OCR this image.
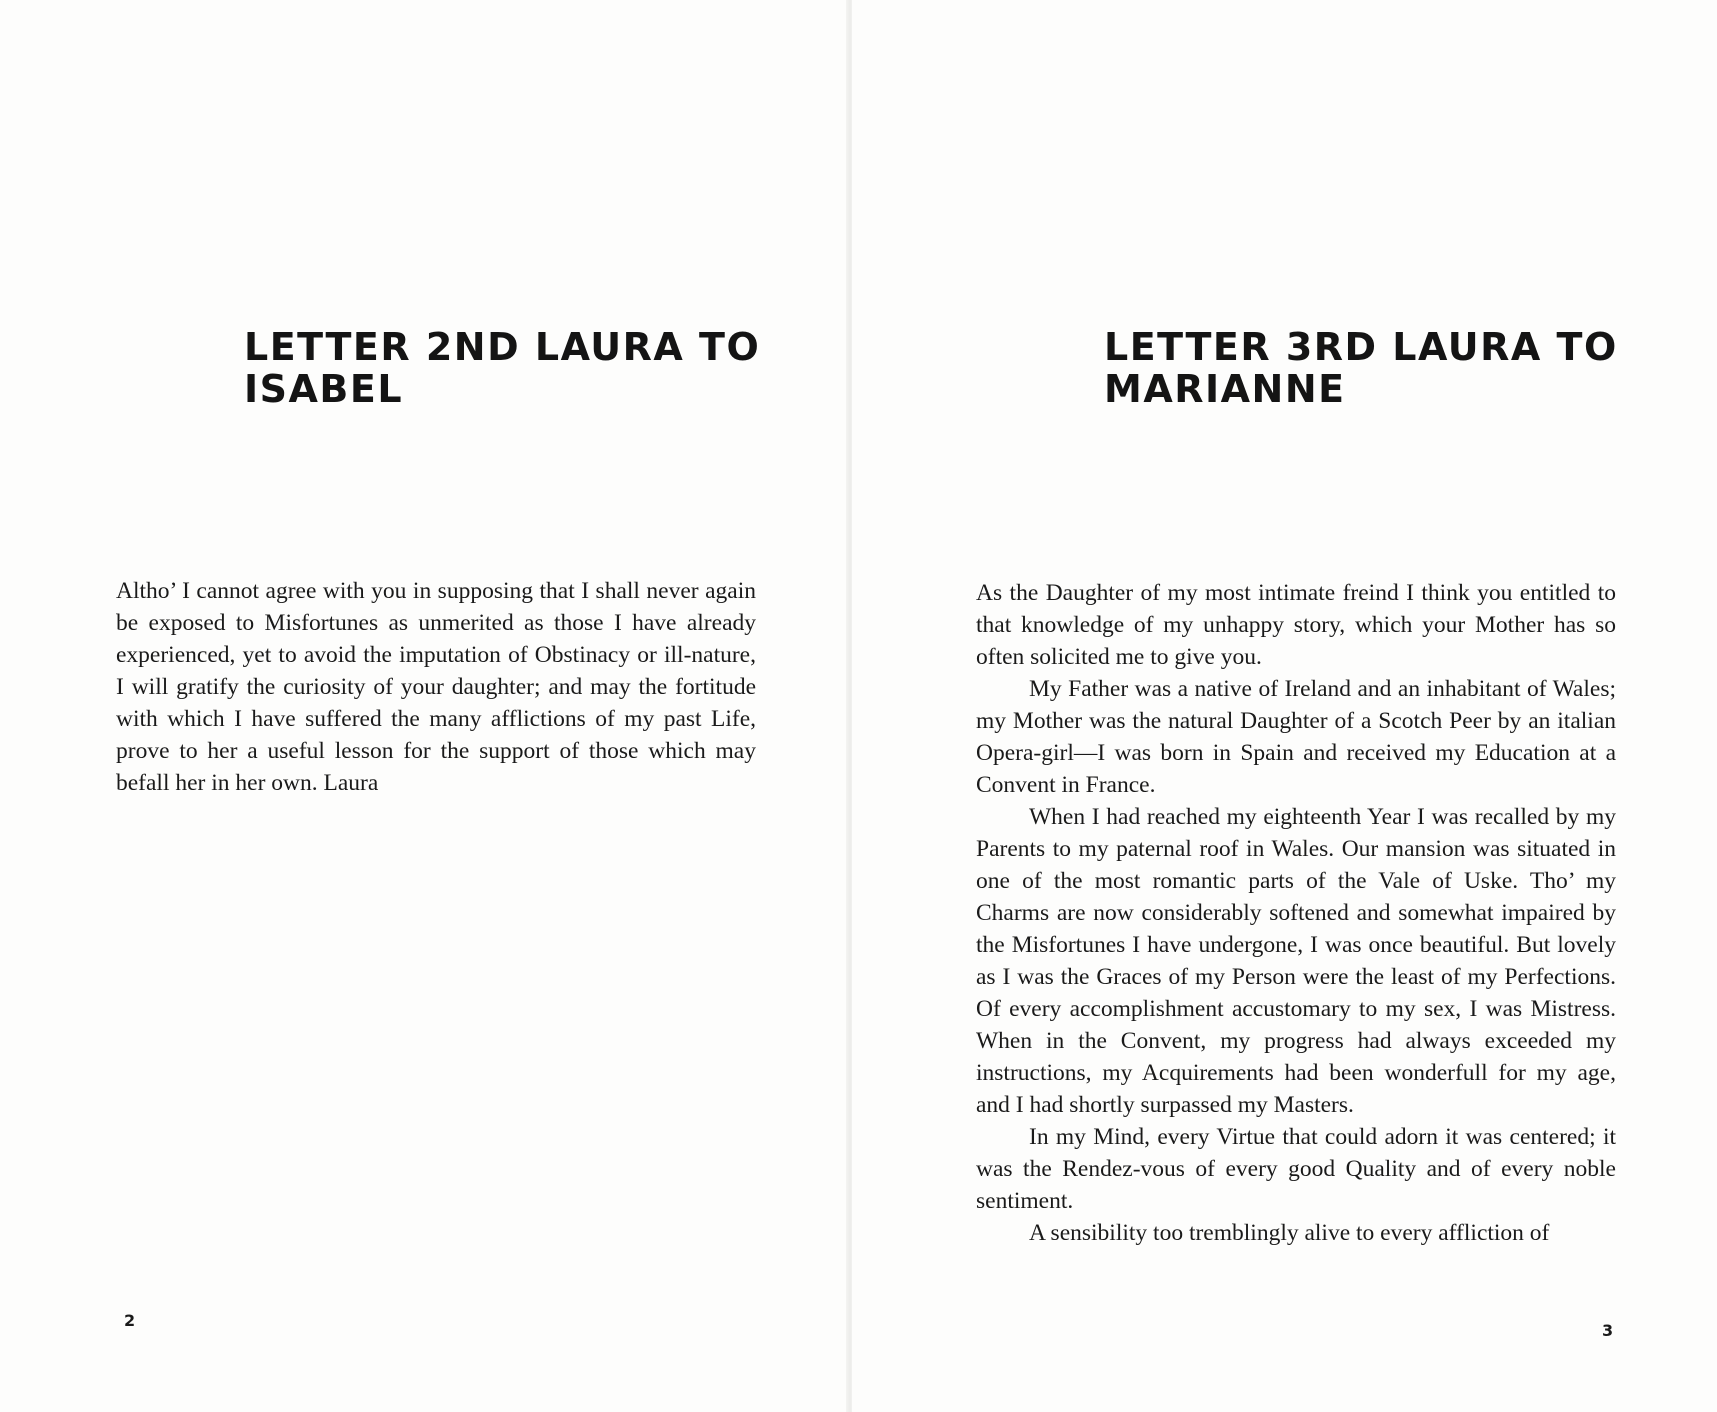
LETTER 2ND LAURA TO ISABEL

Altho’ I cannot agree with you in supposing that I shall never again be exposed to Misfortunes as unmerited as those I have already experienced, yet to avoid the imputation of Obstinacy or ill-nature, I will gratify the curiosity of your daughter; and may the fortitude with which I have suffered the many afflictions of my past Life, prove to her a useful lesson for the support of those which may befall her in her own. Laura

2
LETTER 3RD LAURA TO MARIANNE

As the Daughter of my most intimate freind I think you entitled to that knowledge of my unhappy story, which your Mother has so often solicited me to give you.

My Father was a native of Ireland and an inhabitant of Wales; my Mother was the natural Daughter of a Scotch Peer by an italian Opera-girl—I was born in Spain and received my Education at a Convent in France.

When I had reached my eighteenth Year I was recalled by my Parents to my paternal roof in Wales. Our mansion was situated in one of the most romantic parts of the Vale of Uske. Tho’ my Charms are now considerably softened and somewhat impaired by the Misfortunes I have undergone, I was once beautiful. But lovely as I was the Graces of my Person were the least of my Perfections. Of every accomplishment accustomary to my sex, I was Mistress. When in the Convent, my progress had always exceeded my instructions, my Acquirements had been wonderfull for my age, and I had shortly surpassed my Masters.

In my Mind, every Virtue that could adorn it was centered; it was the Rendez-vous of every good Quality and of every noble sentiment.

A sensibility too tremblingly alive to every affliction of

3
